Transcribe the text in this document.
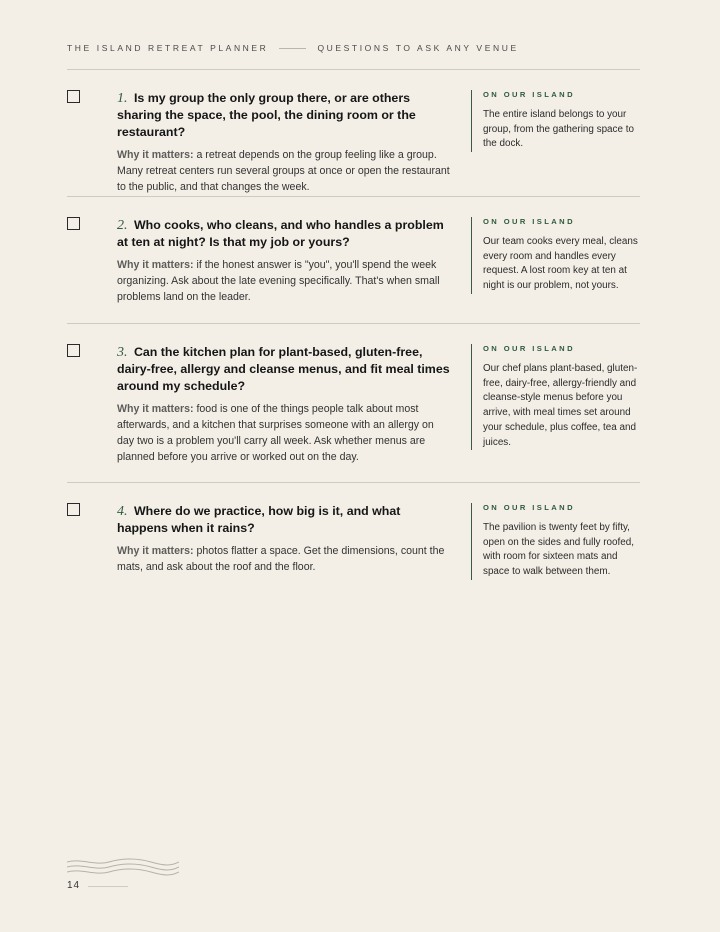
THE ISLAND RETREAT PLANNER	QUESTIONS TO ASK ANY VENUE

1. Is my group the only group there, or are others sharing the space, the pool, the dining room or the restaurant?

Why it matters: a retreat depends on the group feeling like a group. Many retreat centers run several groups at once or open the restaurant to the public, and that changes the week.
ON OUR ISLAND
The entire island belongs to your group, from the gathering space to the dock.

2. Who cooks, who cleans, and who handles a problem at ten at night? Is that my job or yours?

Why it matters: if the honest answer is "you", you'll spend the week organizing. Ask about the late evening specifically. That's when small problems land on the leader.
ON OUR ISLAND
Our team cooks every meal, cleans every room and handles every request. A lost room key at ten at night is our problem, not yours.

3. Can the kitchen plan for plant-based, gluten-free, dairy-free, allergy and cleanse menus, and fit meal times around my schedule?

Why it matters: food is one of the things people talk about most afterwards, and a kitchen that surprises someone with an allergy on day two is a problem you'll carry all week. Ask whether menus are planned before you arrive or worked out on the day.
ON OUR ISLAND
Our chef plans plant-based, gluten-free, dairy-free, allergy-friendly and cleanse-style menus before you arrive, with meal times set around your schedule, plus coffee, tea and juices.

4. Where do we practice, how big is it, and what happens when it rains?

Why it matters: photos flatter a space. Get the dimensions, count the mats, and ask about the roof and the floor.
ON OUR ISLAND
The pavilion is twenty feet by fifty, open on the sides and fully roofed, with room for sixteen mats and space to walk between them.
14
